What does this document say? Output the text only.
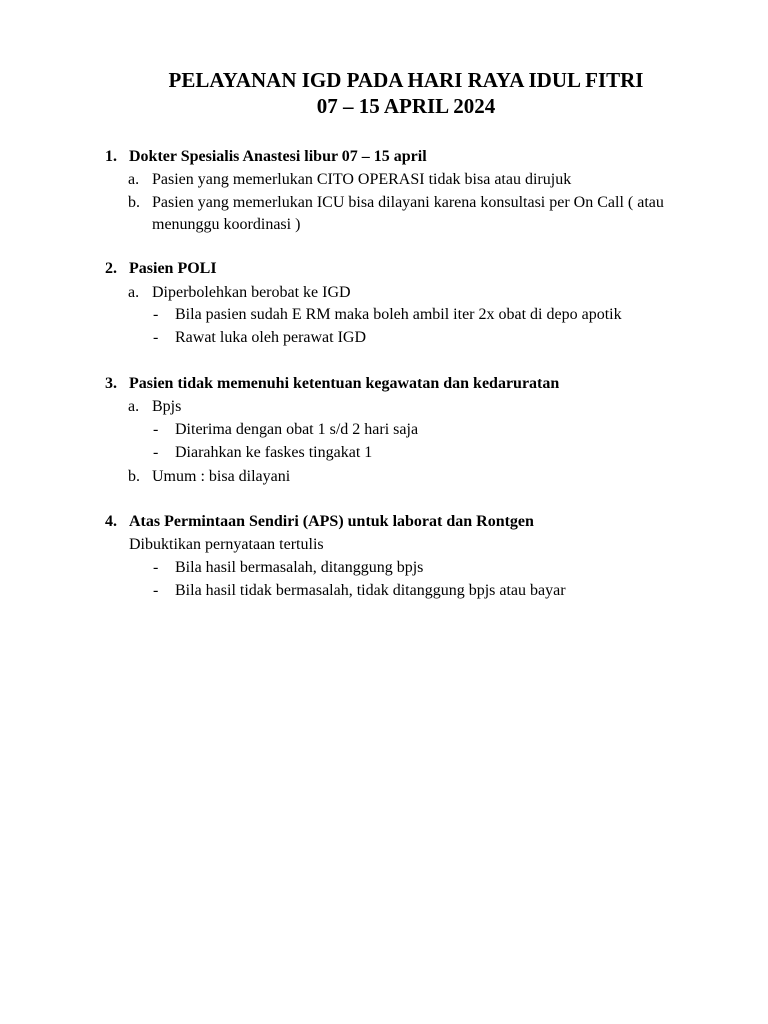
PELAYANAN IGD PADA HARI RAYA IDUL FITRI
07 – 15 APRIL 2024
1. Dokter Spesialis Anastesi libur 07 – 15 april
a. Pasien yang memerlukan CITO OPERASI tidak bisa atau dirujuk
b. Pasien yang memerlukan ICU bisa dilayani karena konsultasi per On Call ( atau
menunggu koordinasi )
2. Pasien POLI
a. Diperbolehkan berobat ke IGD
- Bila pasien sudah E RM maka boleh ambil iter 2x obat di depo apotik
- Rawat luka oleh perawat IGD
3. Pasien tidak memenuhi ketentuan kegawatan dan kedaruratan
a. Bpjs
- Diterima dengan obat 1 s/d 2 hari saja
- Diarahkan ke faskes tingakat 1
b. Umum : bisa dilayani
4. Atas Permintaan Sendiri (APS) untuk laborat dan Rontgen
Dibuktikan pernyataan tertulis
- Bila hasil bermasalah, ditanggung bpjs
- Bila hasil tidak bermasalah, tidak ditanggung bpjs atau bayar
